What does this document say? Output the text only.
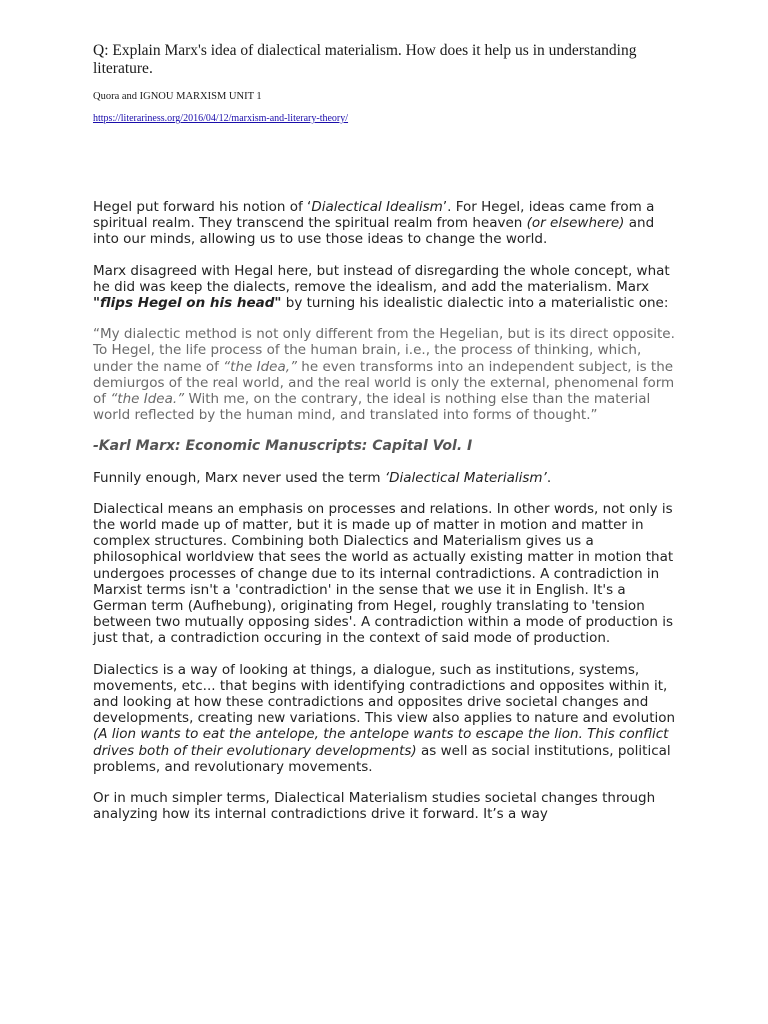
Q: Explain Marx's idea of dialectical materialism. How does it help us in understanding literature.

Quora and IGNOU MARXISM UNIT 1

https://literariness.org/2016/04/12/marxism-and-literary-theory/

Hegel put forward his notion of ‘Dialectical Idealism’. For Hegel, ideas came from a spiritual realm. They transcend the spiritual realm from heaven (or elsewhere) and into our minds, allowing us to use those ideas to change the world.

Marx disagreed with Hegal here, but instead of disregarding the whole concept, what he did was keep the dialects, remove the idealism, and add the materialism. Marx "flips Hegel on his head" by turning his idealistic dialectic into a materialistic one:

“My dialectic method is not only different from the Hegelian, but is its direct opposite. To Hegel, the life process of the human brain, i.e., the process of thinking, which, under the name of “the Idea,” he even transforms into an independent subject, is the demiurgos of the real world, and the real world is only the external, phenomenal form of “the Idea.” With me, on the contrary, the ideal is nothing else than the material world reflected by the human mind, and translated into forms of thought.”

-Karl Marx: Economic Manuscripts: Capital Vol. I

Funnily enough, Marx never used the term ‘Dialectical Materialism’.

Dialectical means an emphasis on processes and relations. In other words, not only is the world made up of matter, but it is made up of matter in motion and matter in complex structures. Combining both Dialectics and Materialism gives us a philosophical worldview that sees the world as actually existing matter in motion that undergoes processes of change due to its internal contradictions. A contradiction in Marxist terms isn't a 'contradiction' in the sense that we use it in English. It's a German term (Aufhebung), originating from Hegel, roughly translating to 'tension between two mutually opposing sides'. A contradiction within a mode of production is just that, a contradiction occuring in the context of said mode of production.

Dialectics is a way of looking at things, a dialogue, such as institutions, systems, movements, etc... that begins with identifying contradictions and opposites within it, and looking at how these contradictions and opposites drive societal changes and developments, creating new variations. This view also applies to nature and evolution (A lion wants to eat the antelope, the antelope wants to escape the lion. This conflict drives both of their evolutionary developments) as well as social institutions, political problems, and revolutionary movements.

Or in much simpler terms, Dialectical Materialism studies societal changes through analyzing how its internal contradictions drive it forward. It’s a way
